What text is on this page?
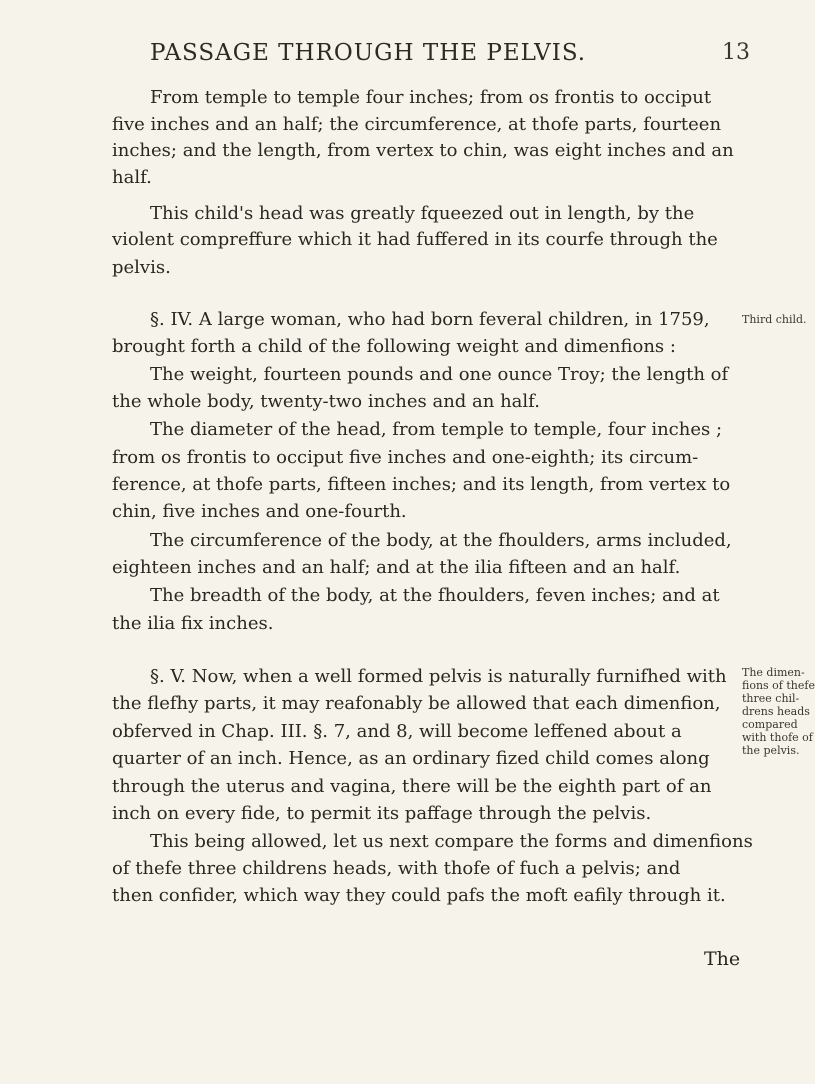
PASSAGE THROUGH THE PELVIS.	13
From temple to temple four inches; from os frontis to occiput
five inches and an half; the circumference, at thofe parts, fourteen
inches; and the length, from vertex to chin, was eight inches and an
half.
This child's head was greatly fqueezed out in length, by the
violent compreffure which it had fuffered in its courfe through the
pelvis.
§. IV. A large woman, who had born feveral children, in 1759,	Third child.
brought forth a child of the following weight and dimenfions :
The weight, fourteen pounds and one ounce Troy; the length of
the whole body, twenty-two inches and an half.
The diameter of the head, from temple to temple, four inches ;
from os frontis to occiput five inches and one-eighth; its circum-
ference, at thofe parts, fifteen inches; and its length, from vertex to
chin, five inches and one-fourth.
The circumference of the body, at the fhoulders, arms included,
eighteen inches and an half; and at the ilia fifteen and an half.
The breadth of the body, at the fhoulders, feven inches; and at
the ilia fix inches.
§. V. Now, when a well formed pelvis is naturally furnifhed with
the flefhy parts, it may reafonably be allowed that each dimenfion,
obferved in Chap. III. §. 7, and 8, will become leffened about a
quarter of an inch. Hence, as an ordinary fized child comes along
through the uterus and vagina, there will be the eighth part of an
inch on every fide, to permit its paffage through the pelvis.
This being allowed, let us next compare the forms and dimenfions
of thefe three childrens heads, with thofe of fuch a pelvis; and
then confider, which way they could pafs the moft eafily through it.
The dimen-
fions of thefe
three chil-
drens heads
compared
with thofe of
the pelvis.
The
